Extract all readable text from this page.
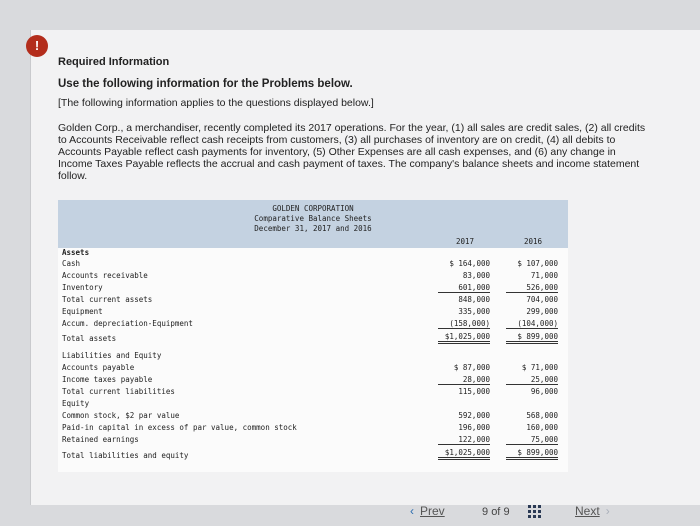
!
Required Information
Use the following information for the Problems below.
[The following information applies to the questions displayed below.]
Golden Corp., a merchandiser, recently completed its 2017 operations. For the year, (1) all sales are credit sales, (2) all credits to Accounts Receivable reflect cash receipts from customers, (3) all purchases of inventory are on credit, (4) all debits to Accounts Payable reflect cash payments for inventory, (5) Other Expenses are all cash expenses, and (6) any change in Income Taxes Payable reflects the accrual and cash payment of taxes. The company's balance sheets and income statement follow.
GOLDEN CORPORATION
Comparative Balance Sheets
December 31, 2017 and 2016
2017	2016
Assets
Cash	$ 164,000	$ 107,000
Accounts receivable	83,000	71,000
Inventory	601,000	526,000
Total current assets	848,000	704,000
Equipment	335,000	299,000
Accum. depreciation-Equipment	(158,000)	(104,000)
Total assets	$1,025,000	$ 899,000
Liabilities and Equity
Accounts payable	$ 87,000	$ 71,000
Income taxes payable	28,000	25,000
Total current liabilities	115,000	96,000
Equity
Common stock, $2 par value	592,000	568,000
Paid-in capital in excess of par value, common stock	196,000	160,000
Retained earnings	122,000	75,000
Total liabilities and equity	$1,025,000	$ 899,000
‹ Prev	9 of 9	Next ›
